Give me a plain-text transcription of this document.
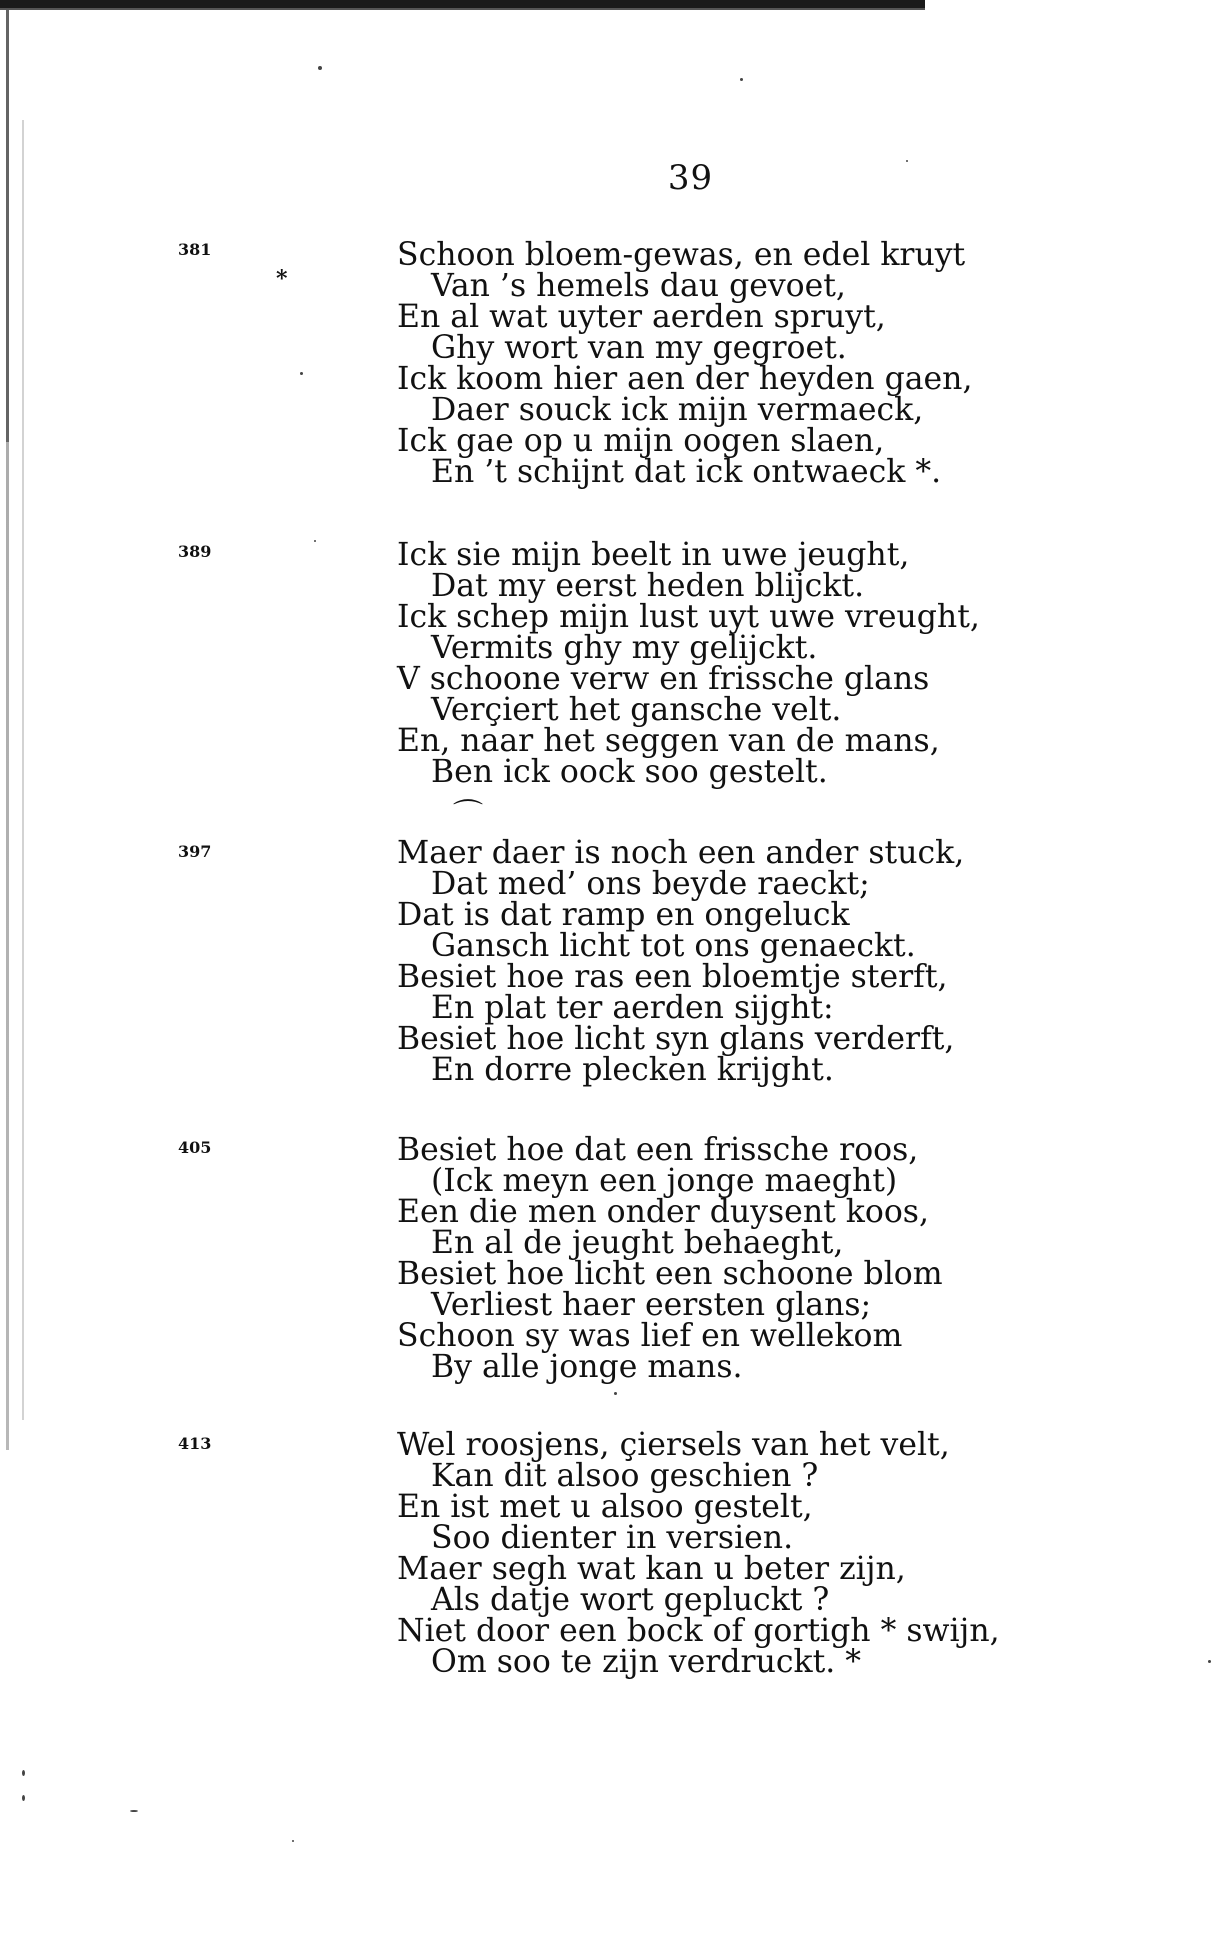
39
*
⌒
381	Schoon bloem-gewas, en edel kruyt
Van ’s hemels dau gevoet,
En al wat uyter aerden spruyt,
Ghy wort van my gegroet.
Ick koom hier aen der heyden gaen,
Daer souck ick mijn vermaeck,
Ick gae op u mijn oogen slaen,
En ’t schijnt dat ick ontwaeck *.
389	Ick sie mijn beelt in uwe jeught,
Dat my eerst heden blijckt.
Ick schep mijn lust uyt uwe vreught,
Vermits ghy my gelijckt.
V schoone verw en frissche glans
Verçiert het gansche velt.
En, naar het seggen van de mans,
Ben ick oock soo gestelt.
397	Maer daer is noch een ander stuck,
Dat med’ ons beyde raeckt;
Dat is dat ramp en ongeluck
Gansch licht tot ons genaeckt.
Besiet hoe ras een bloemtje sterft,
En plat ter aerden sijght:
Besiet hoe licht syn glans verderft,
En dorre plecken krijght.
405	Besiet hoe dat een frissche roos,
(Ick meyn een jonge maeght)
Een die men onder duysent koos,
En al de jeught behaeght,
Besiet hoe licht een schoone blom
Verliest haer eersten glans;
Schoon sy was lief en wellekom
By alle jonge mans.
413	Wel roosjens, çiersels van het velt,
Kan dit alsoo geschien ?
En ist met u alsoo gestelt,
Soo dienter in versien.
Maer segh wat kan u beter zijn,
Als datje wort gepluckt ?
Niet door een bock of gortigh * swijn,
Om soo te zijn verdruckt. *
